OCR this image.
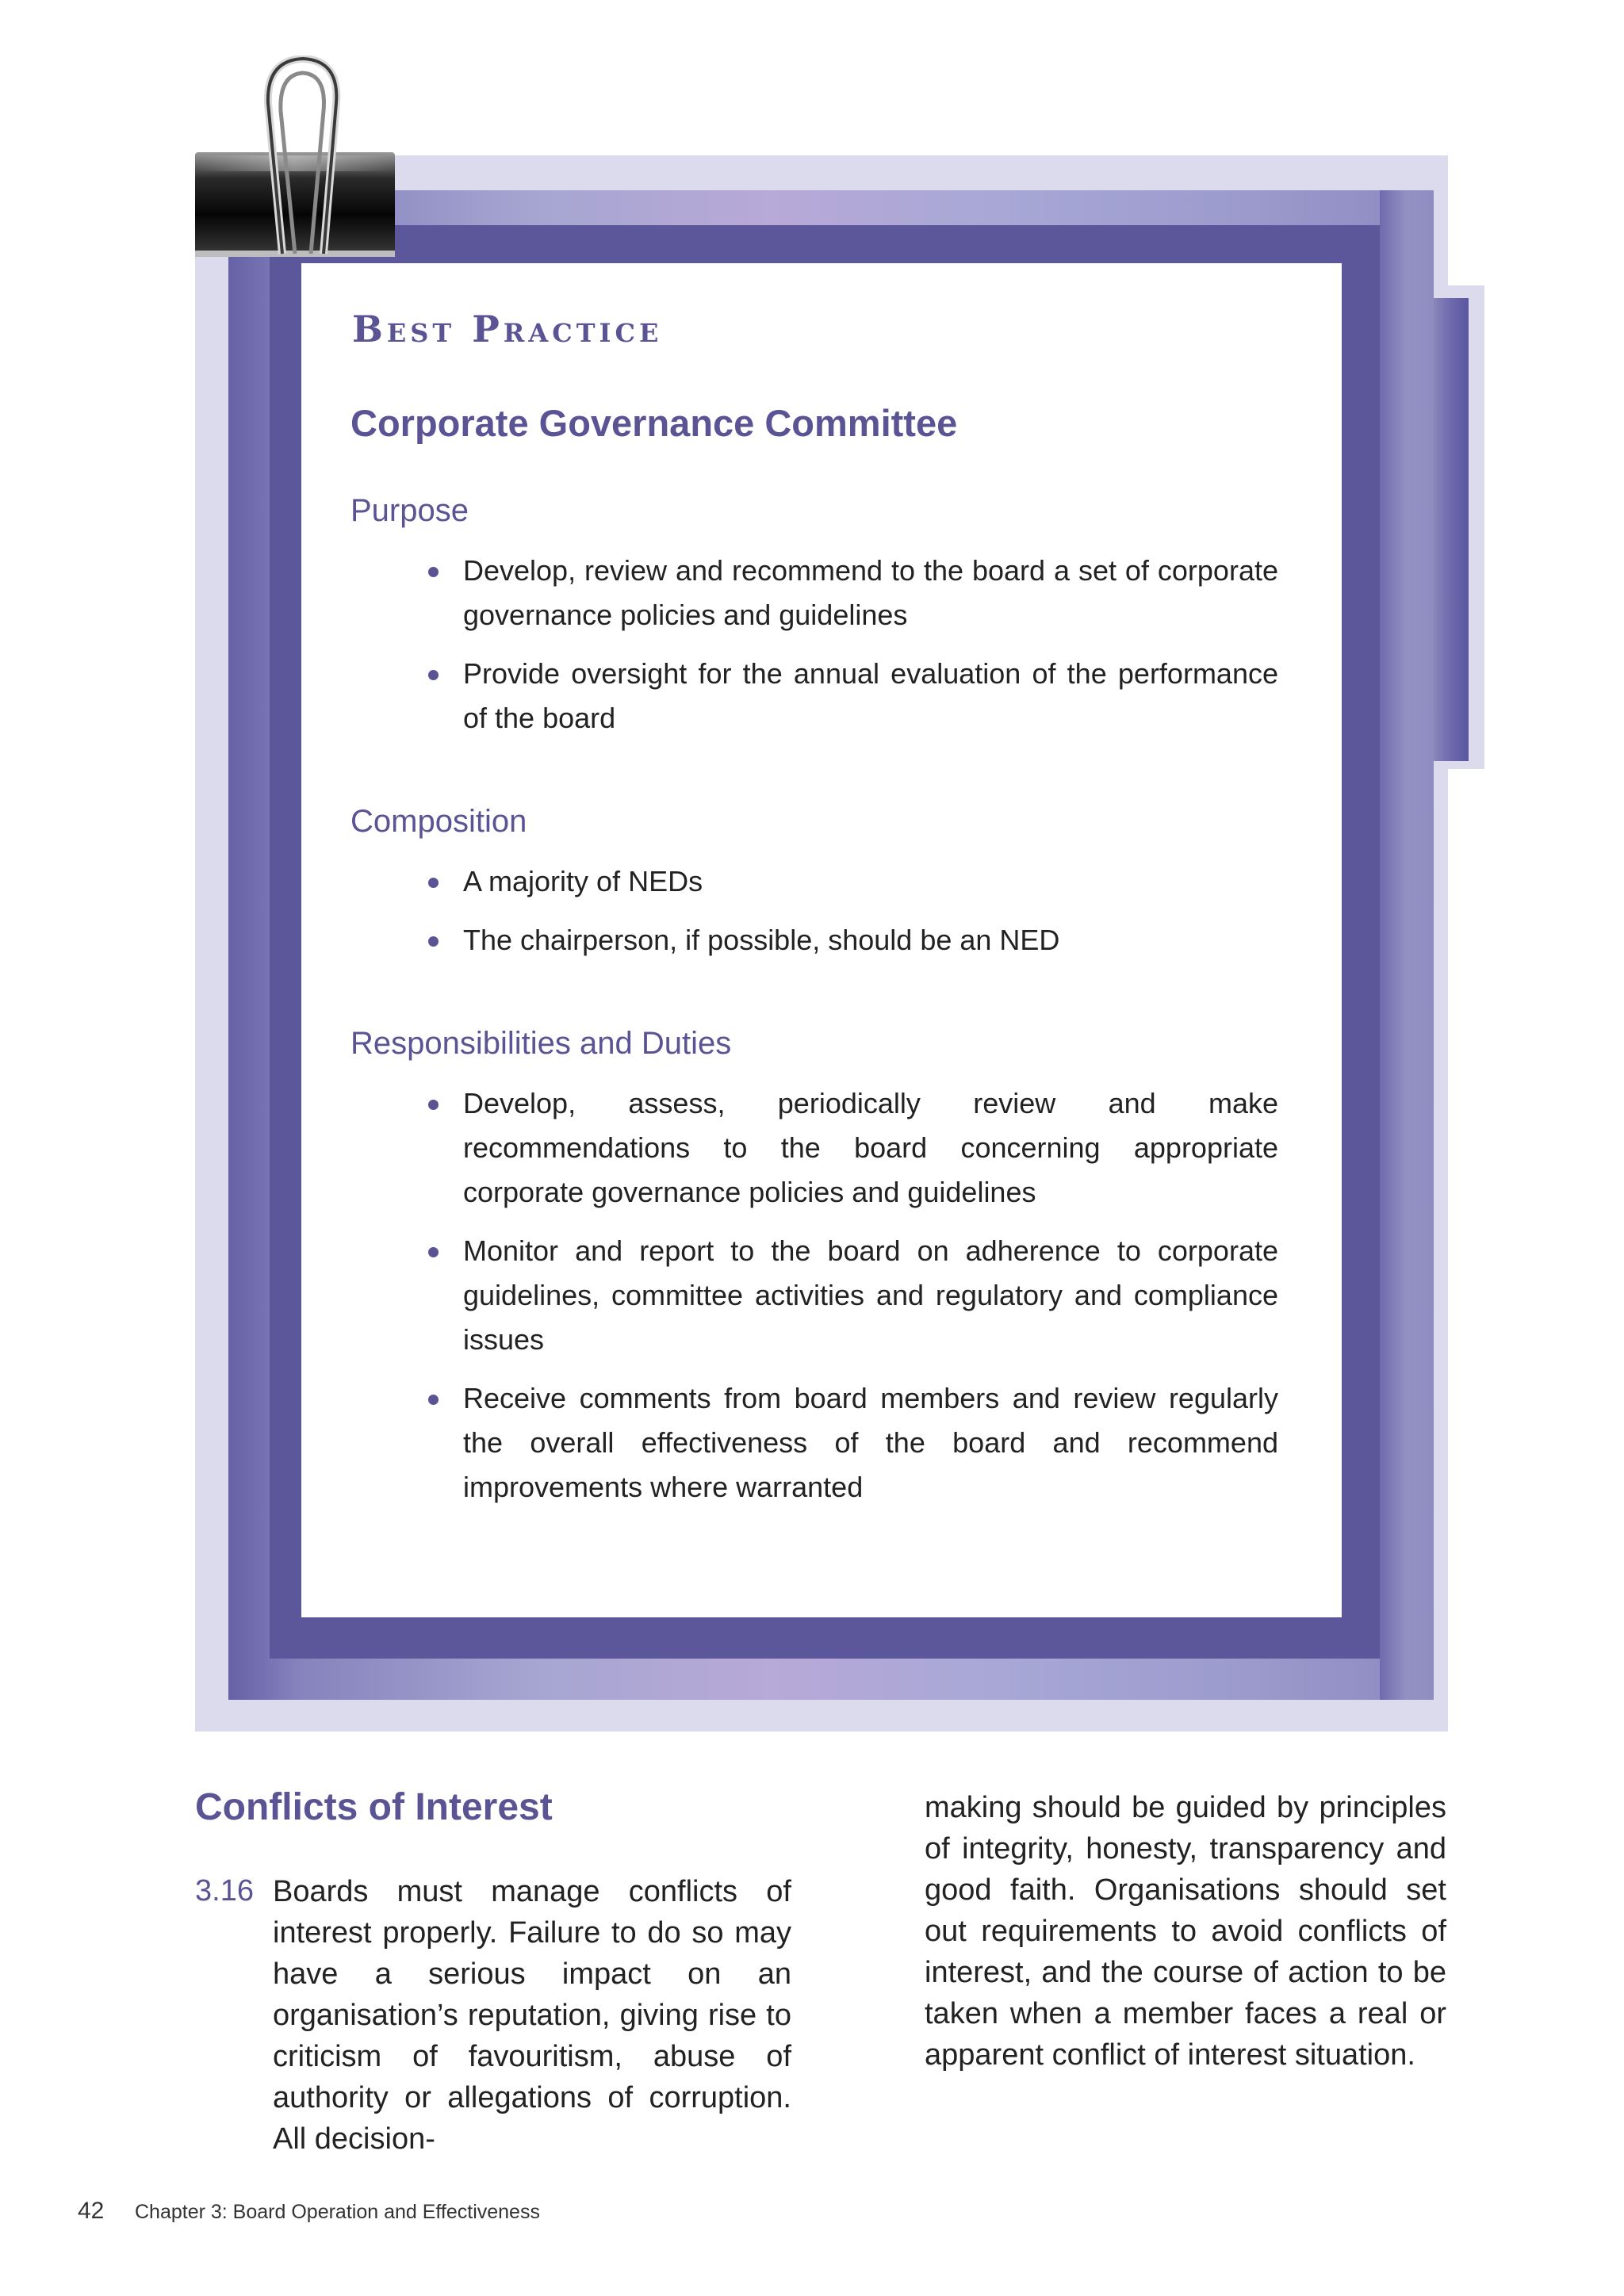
Best Practice
Corporate Governance Committee
Purpose
Develop, review and recommend to the board a set of corporate governance policies and guidelines
Provide oversight for the annual evaluation of the performance of the board
Composition
A majority of NEDs
The chairperson, if possible, should be an NED
Responsibilities and Duties
Develop, assess, periodically review and make recommendations to the board concerning appropriate corporate governance policies and guidelines
Monitor and report to the board on adherence to corporate guidelines, committee activities and regulatory and compliance issues
Receive comments from board members and review regularly the overall effectiveness of the board and recommend improvements where warranted
Conflicts of Interest
3.16 Boards must manage conflicts of interest properly. Failure to do so may have a serious impact on an organisation’s reputation, giving rise to criticism of favouritism, abuse of authority or allegations of corruption. All decision-

making should be guided by principles of integrity, honesty, transparency and good faith. Organisations should set out requirements to avoid conflicts of interest, and the course of action to be taken when a member faces a real or apparent conflict of interest situation.

42 Chapter 3: Board Operation and Effectiveness
